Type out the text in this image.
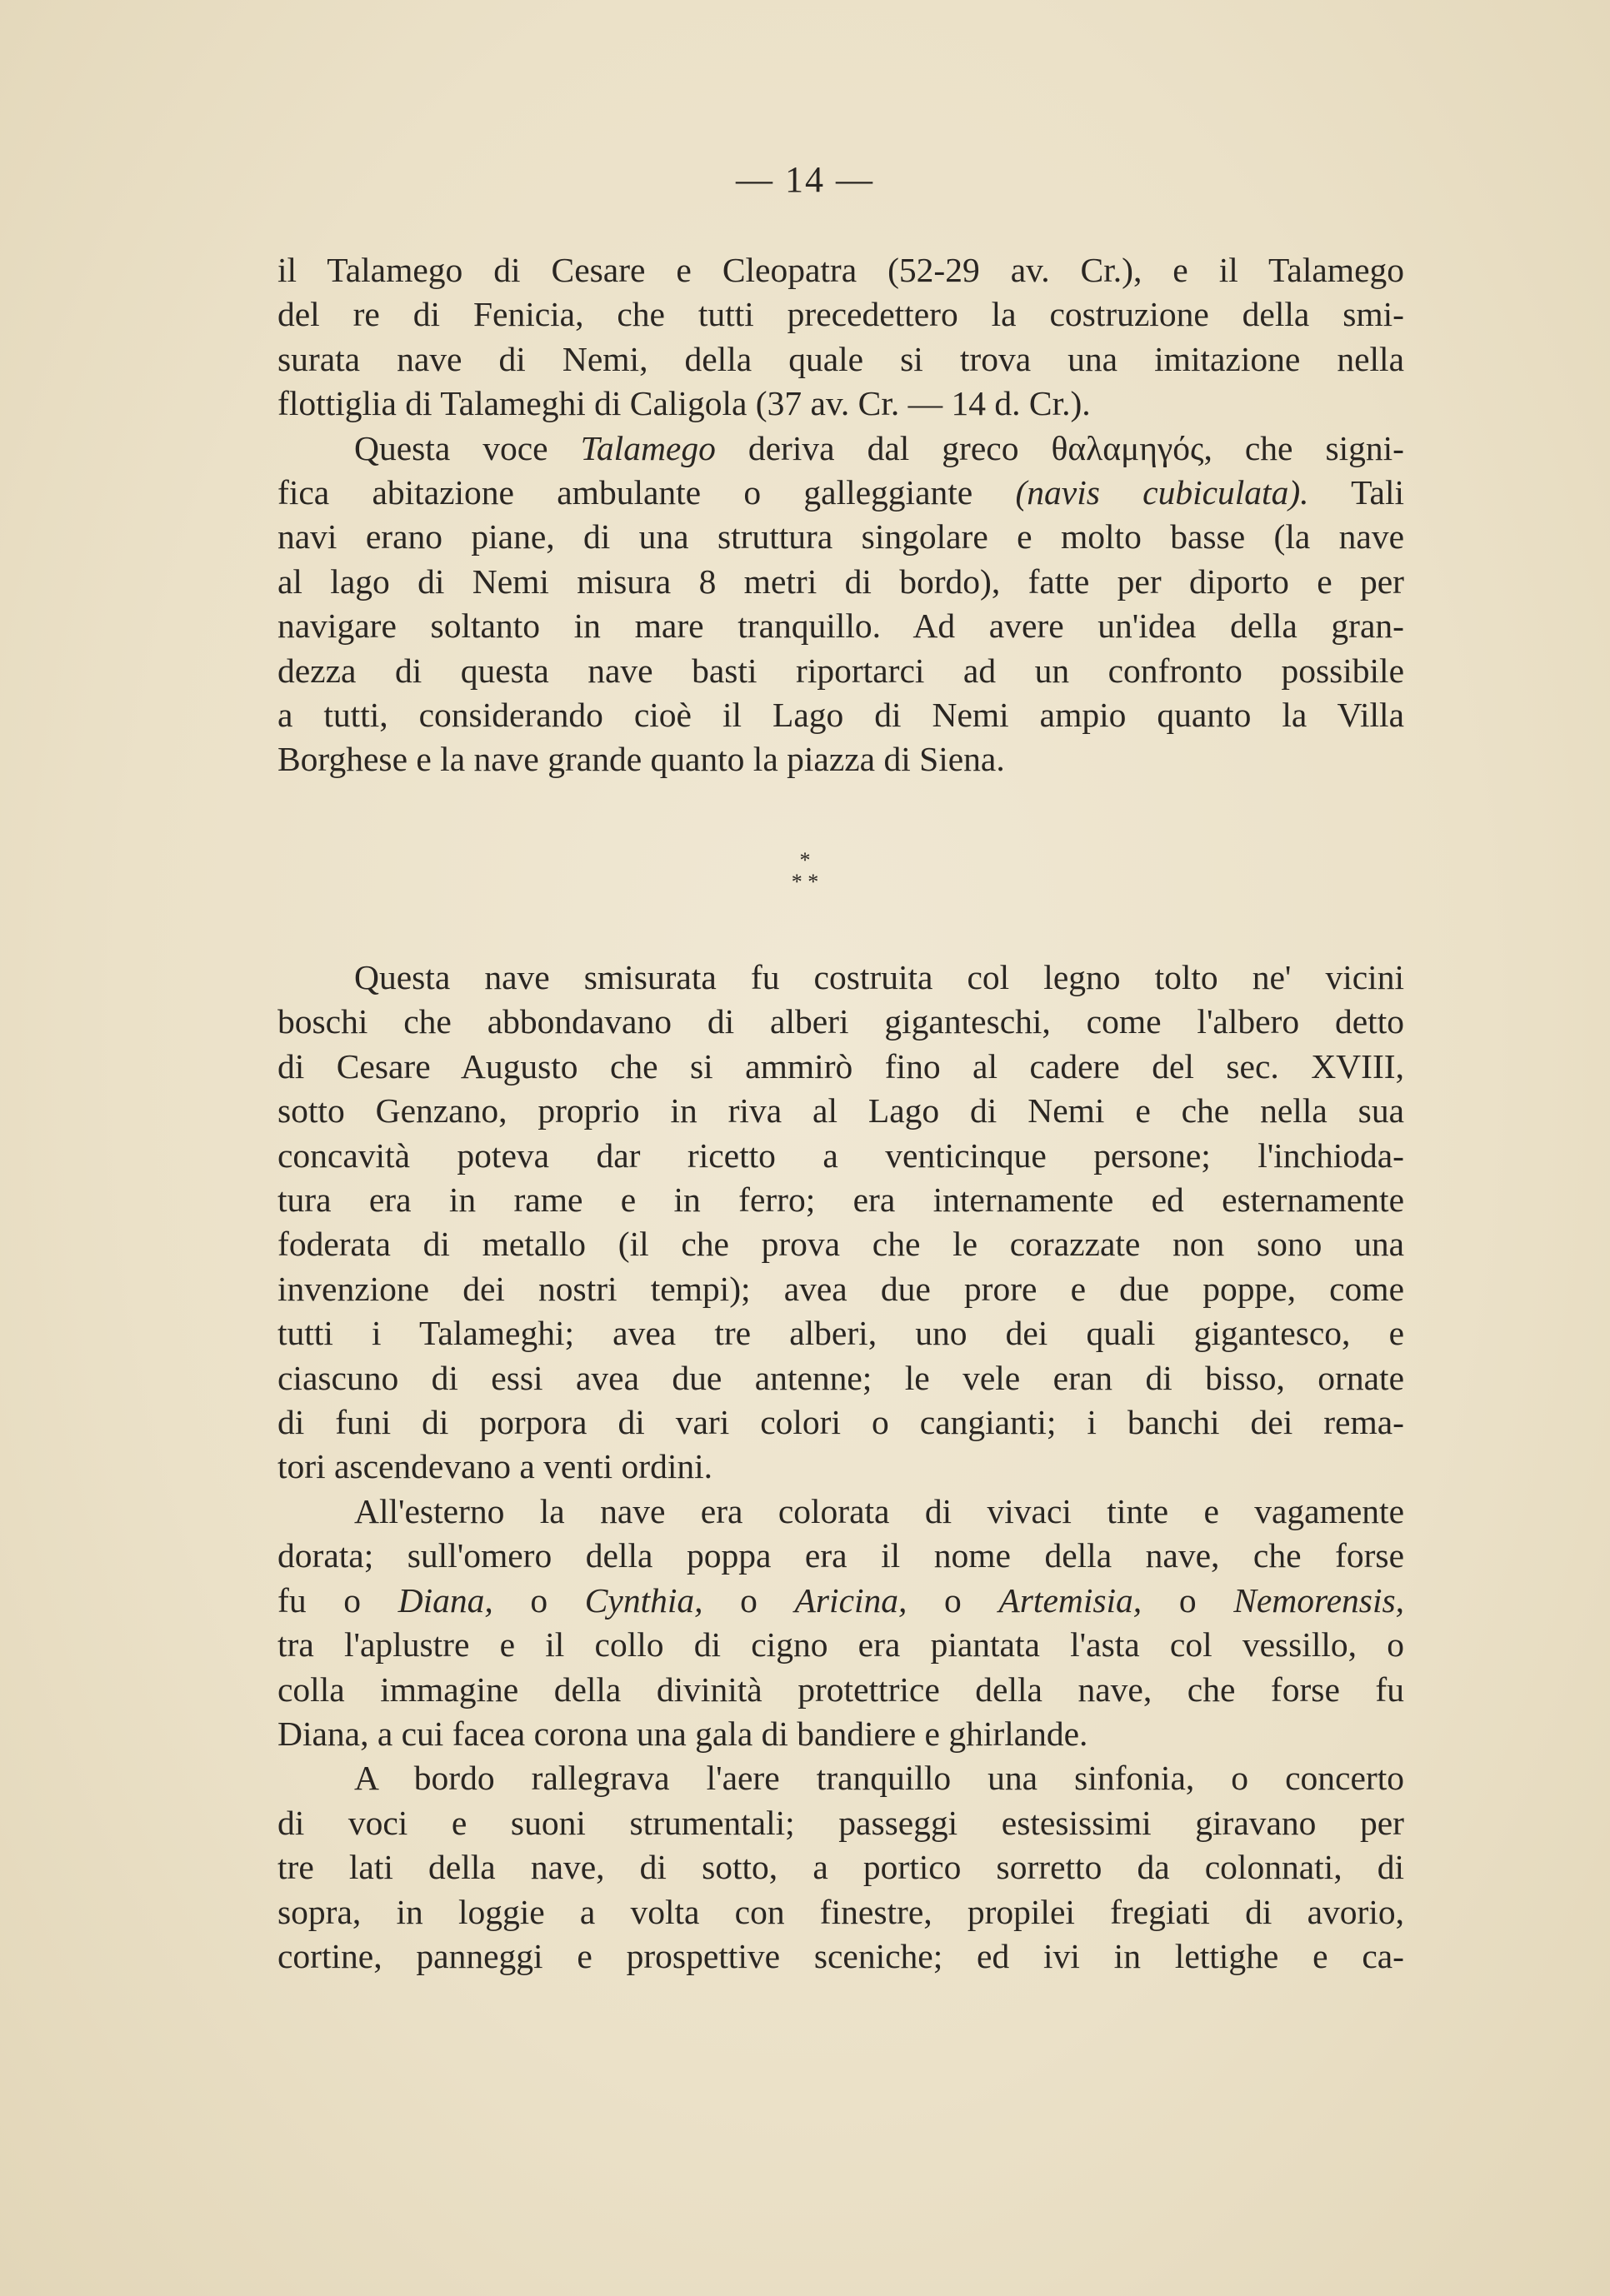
— 14 —
il Talamego di Cesare e Cleopatra (52-29 av. Cr.), e il Talamego
del re di Fenicia, che tutti precedettero la costruzione della smi-
surata nave di Nemi, della quale si trova una imitazione nella
flottiglia di Talameghi di Caligola (37 av. Cr. — 14 d. Cr.).
Questa voce Talamego deriva dal greco θαλαμηγός, che signi-
fica abitazione ambulante o galleggiante (navis cubiculata). Tali
navi erano piane, di una struttura singolare e molto basse (la nave
al lago di Nemi misura 8 metri di bordo), fatte per diporto e per
navigare soltanto in mare tranquillo. Ad avere un'idea della gran-
dezza di questa nave basti riportarci ad un confronto possibile
a tutti, considerando cioè il Lago di Nemi ampio quanto la Villa
Borghese e la nave grande quanto la piazza di Siena.
*
* *
Questa nave smisurata fu costruita col legno tolto ne' vicini
boschi che abbondavano di alberi giganteschi, come l'albero detto
di Cesare Augusto che si ammirò fino al cadere del sec. XVIII,
sotto Genzano, proprio in riva al Lago di Nemi e che nella sua
concavità poteva dar ricetto a venticinque persone; l'inchioda-
tura era in rame e in ferro; era internamente ed esternamente
foderata di metallo (il che prova che le corazzate non sono una
invenzione dei nostri tempi); avea due prore e due poppe, come
tutti i Talameghi; avea tre alberi, uno dei quali gigantesco, e
ciascuno di essi avea due antenne; le vele eran di bisso, ornate
di funi di porpora di vari colori o cangianti; i banchi dei rema-
tori ascendevano a venti ordini.
All'esterno la nave era colorata di vivaci tinte e vagamente
dorata; sull'omero della poppa era il nome della nave, che forse
fu o Diana, o Cynthia, o Aricina, o Artemisia, o Nemorensis,
tra l'aplustre e il collo di cigno era piantata l'asta col vessillo, o
colla immagine della divinità protettrice della nave, che forse fu
Diana, a cui facea corona una gala di bandiere e ghirlande.
A bordo rallegrava l'aere tranquillo una sinfonia, o concerto
di voci e suoni strumentali; passeggi estesissimi giravano per
tre lati della nave, di sotto, a portico sorretto da colonnati, di
sopra, in loggie a volta con finestre, propilei fregiati di avorio,
cortine, panneggi e prospettive sceniche; ed ivi in lettighe e ca-
